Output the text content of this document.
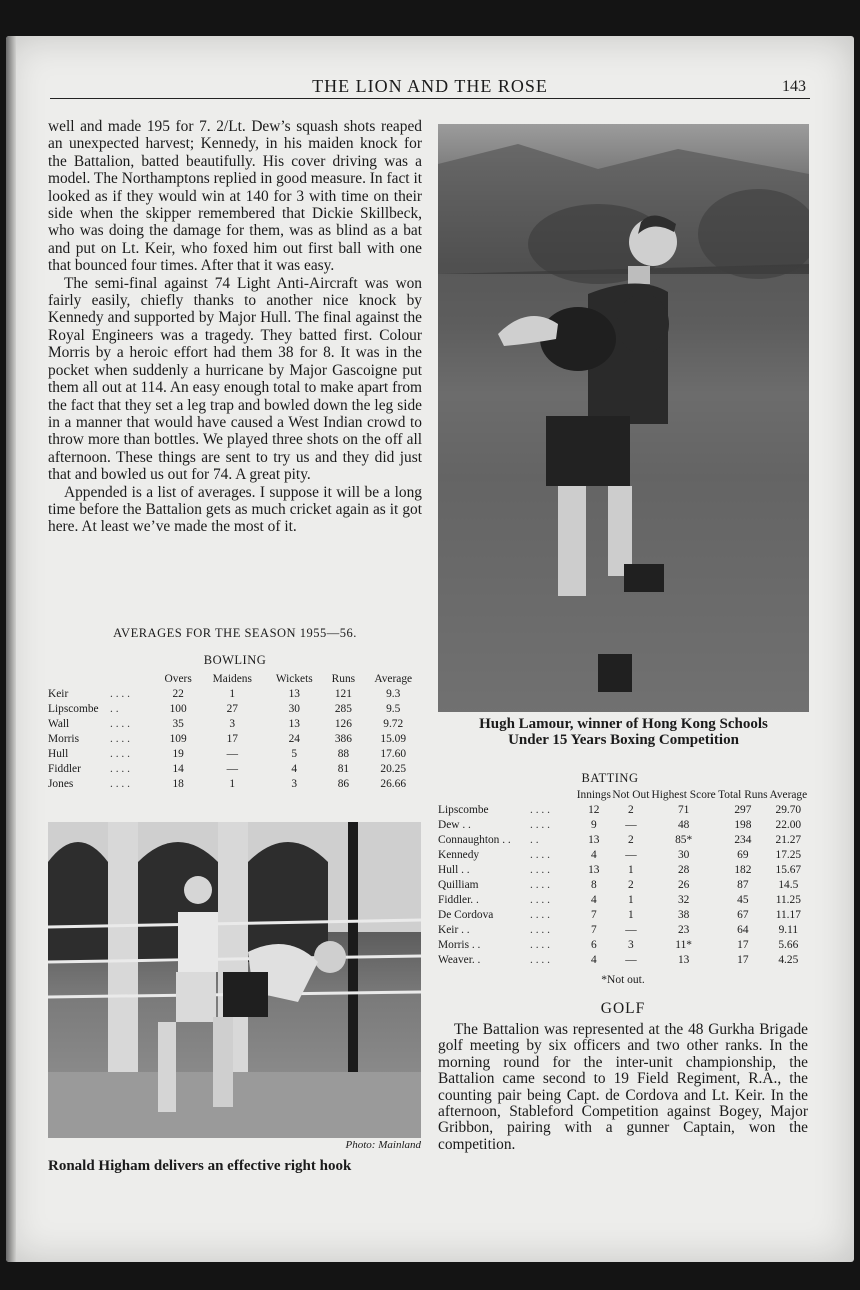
THE LION AND THE ROSE	143

well and made 195 for 7. 2/Lt. Dew’s squash shots reaped an unexpected harvest; Kennedy, in his maiden knock for the Battalion, batted beautifully. His cover driving was a model. The Northamptons replied in good measure. In fact it looked as if they would win at 140 for 3 with time on their side when the skipper remembered that Dickie Skillbeck, who was doing the damage for them, was as blind as a bat and put on Lt. Keir, who foxed him out first ball with one that bounced four times. After that it was easy.

The semi-final against 74 Light Anti-Aircraft was won fairly easily, chiefly thanks to another nice knock by Kennedy and supported by Major Hull. The final against the Royal Engineers was a tragedy. They batted first. Colour Morris by a heroic effort had them 38 for 8. It was in the pocket when suddenly a hurricane by Major Gascoigne put them all out at 114. An easy enough total to make apart from the fact that they set a leg trap and bowled down the leg side in a manner that would have caused a West Indian crowd to throw more than bottles. We played three shots on the off all afternoon. These things are sent to try us and they did just that and bowled us out for 74. A great pity.

Appended is a list of averages. I suppose it will be a long time before the Battalion gets as much cricket again as it got here. At least we’ve made the most of it.

AVERAGES FOR THE SEASON 1955—56.
BOWLING
		Overs	Maidens	Wickets	Runs	Average
Keir	. . . .	22	1	13	121	9.3
Lipscombe	. .	100	27	30	285	9.5
Wall	. . . .	35	3	13	126	9.72
Morris	. . . .	109	17	24	386	15.09
Hull	. . . .	19	—	5	88	17.60
Fiddler	. . . .	14	—	4	81	20.25
Jones	. . . .	18	1	3	86	26.66
Hugh Lamour, winner of Hong Kong Schools
Under 15 Years Boxing Competition
BATTING
		Innings	Not Out	Highest Score	Total Runs	Average
Lipscombe	. . . .	12	2	71	297	29.70
Dew . .	. . . .	9	—	48	198	22.00
Connaughton . .	. .	13	2	85*	234	21.27
Kennedy	. . . .	4	—	30	69	17.25
Hull . .	. . . .	13	1	28	182	15.67
Quilliam	. . . .	8	2	26	87	14.5
Fiddler. .	. . . .	4	1	32	45	11.25
De Cordova	. . . .	7	1	38	67	11.17
Keir . .	. . . .	7	—	23	64	9.11
Morris . .	. . . .	6	3	11*	17	5.66
Weaver. .	. . . .	4	—	13	17	4.25
*Not out.
GOLF

The Battalion was represented at the 48 Gurkha Brigade golf meeting by six officers and two other ranks. In the morning round for the inter-unit championship, the Battalion came second to 19 Field Regiment, R.A., the counting pair being Capt. de Cordova and Lt. Keir. In the afternoon, Stableford Competition against Bogey, Major Gribbon, pairing with a gunner Captain, won the competition.

Photo: Mainland
Ronald Higham delivers an effective right hook
